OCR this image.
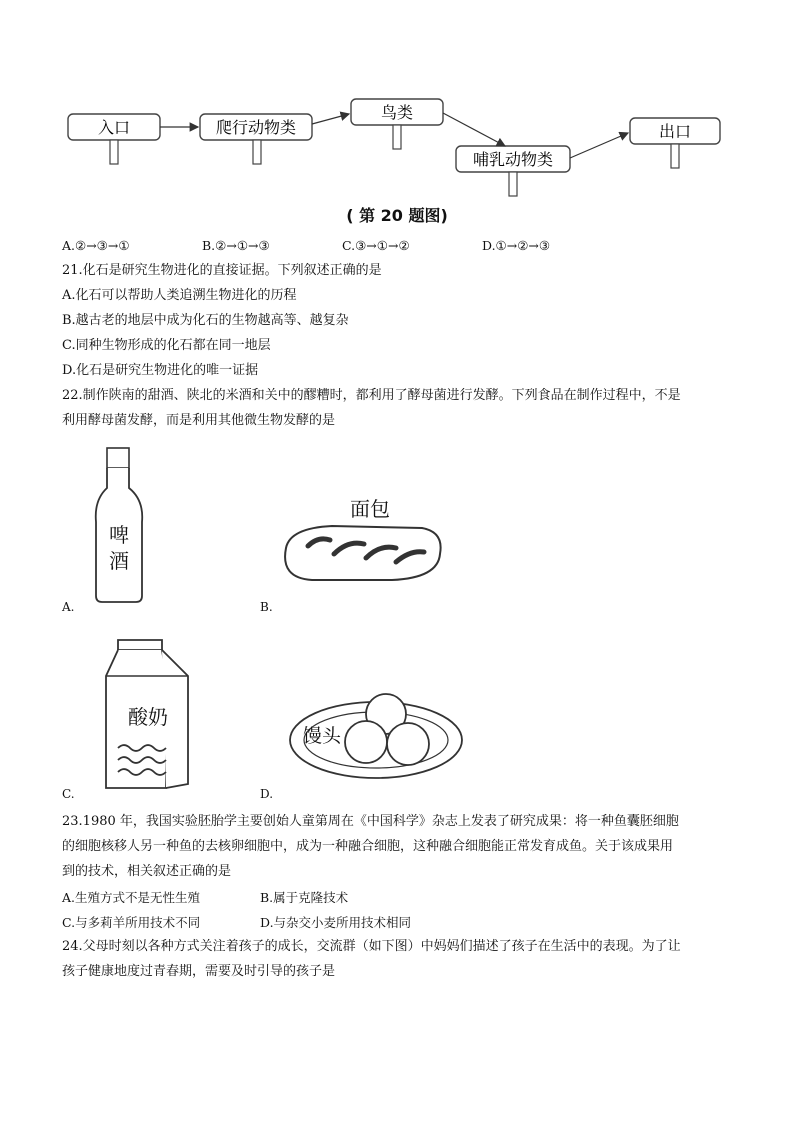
入口	爬行动物类
鸟类
哺乳动物类
出口
( 第 20 题图)
A.②→③→①	B.②→①→③	C.③→①→②	D.①→②→③
21.化石是研究生物进化的直接证据。下列叙述正确的是
A.化石可以帮助人类追溯生物进化的历程
B.越古老的地层中成为化石的生物越高等、越复杂
C.同种生物形成的化石都在同一地层
D.化石是研究生物进化的唯一证据
22.制作陕南的甜酒、陕北的米酒和关中的醪糟时，都利用了酵母菌进行发酵。下列食品在制作过程中，不是
利用酵母菌发酵，而是利用其他微生物发酵的是
啤
酒
A.
面包
B.
酸奶
C.
馒头
D.
23.1980 年，我国实验胚胎学主要创始人童第周在《中国科学》杂志上发表了研究成果：将一种鱼囊胚细胞
的细胞核移人另一种鱼的去核卵细胞中，成为一种融合细胞，这种融合细胞能正常发育成鱼。关于该成果用
到的技术，相关叙述正确的是
A.生殖方式不是无性生殖	B.属于克隆技术
C.与多莉羊所用技术不同	D.与杂交小麦所用技术相同
24.父母时刻以各种方式关注着孩子的成长，交流群（如下图）中妈妈们描述了孩子在生活中的表现。为了让
孩子健康地度过青春期，需要及时引导的孩子是
